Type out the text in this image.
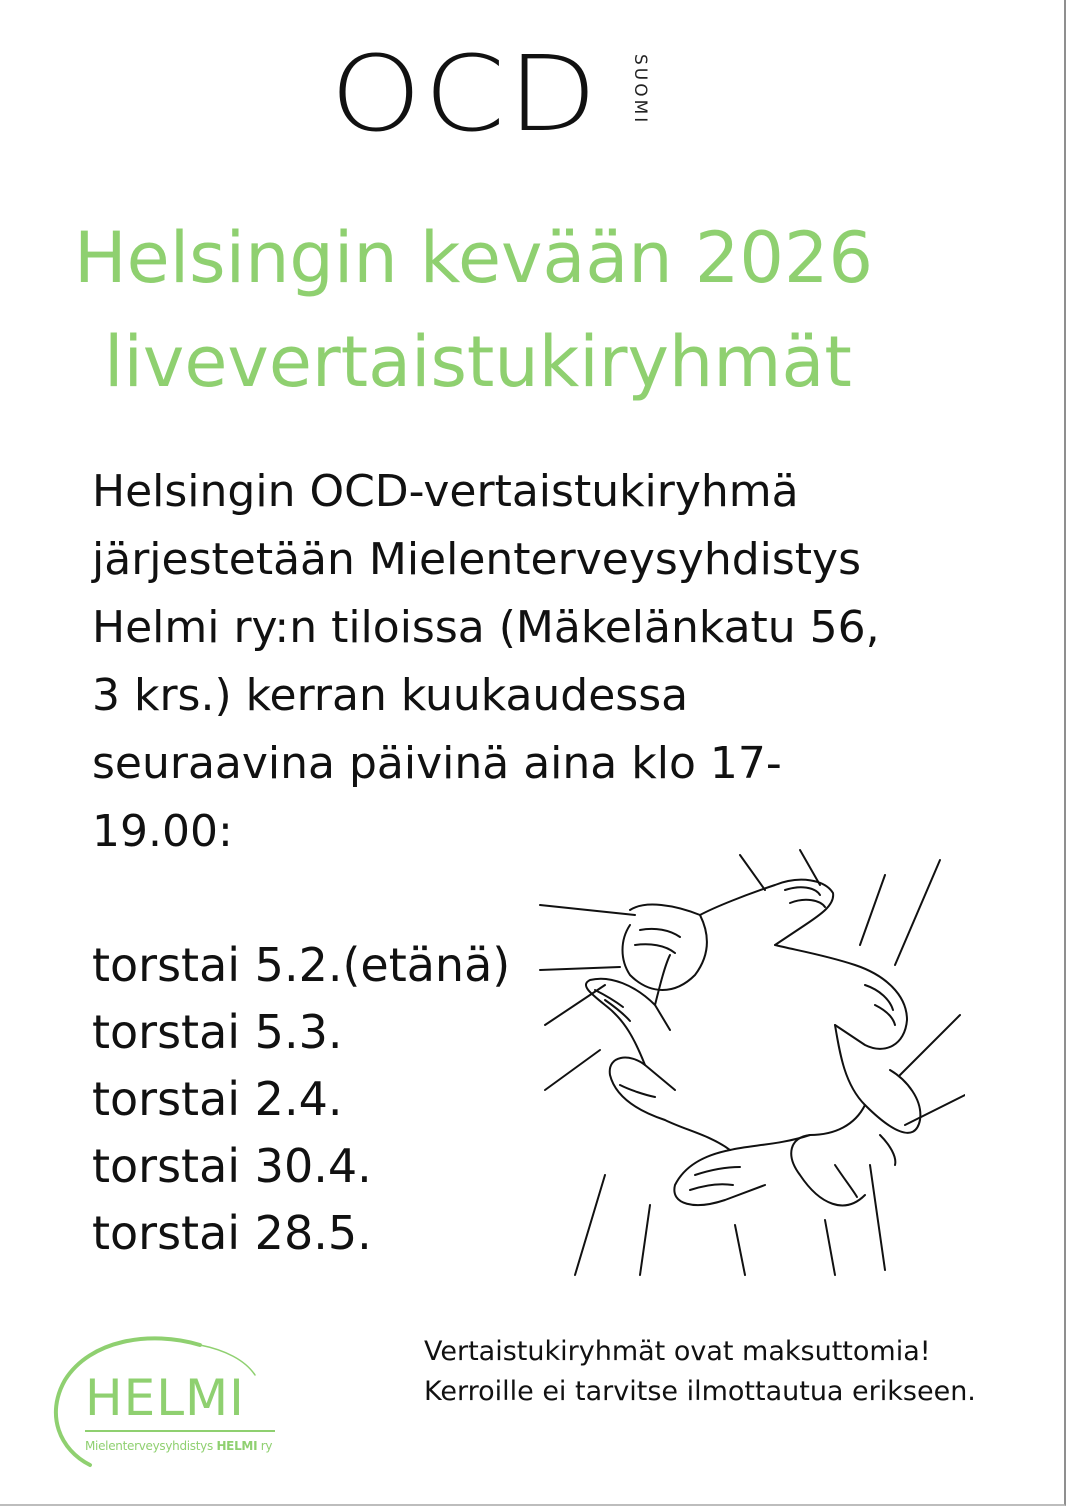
OCD SUOMI
Helsingin kevään 2026
livevertaistukiryhmät
Helsingin OCD-vertaistukiryhmä
järjestetään Mielenterveysyhdistys
Helmi ry:n tiloissa (Mäkelänkatu 56,
3 krs.) kerran kuukaudessa
seuraavina päivinä aina klo 17-
19.00:
torstai 5.2.(etänä)
torstai 5.3.
torstai 2.4.
torstai 30.4.
torstai 28.5.
Vertaistukiryhmät ovat maksuttomia!
Kerroille ei tarvitse ilmottautua erikseen.
HELMI
Mielenterveysyhdistys HELMI ry
